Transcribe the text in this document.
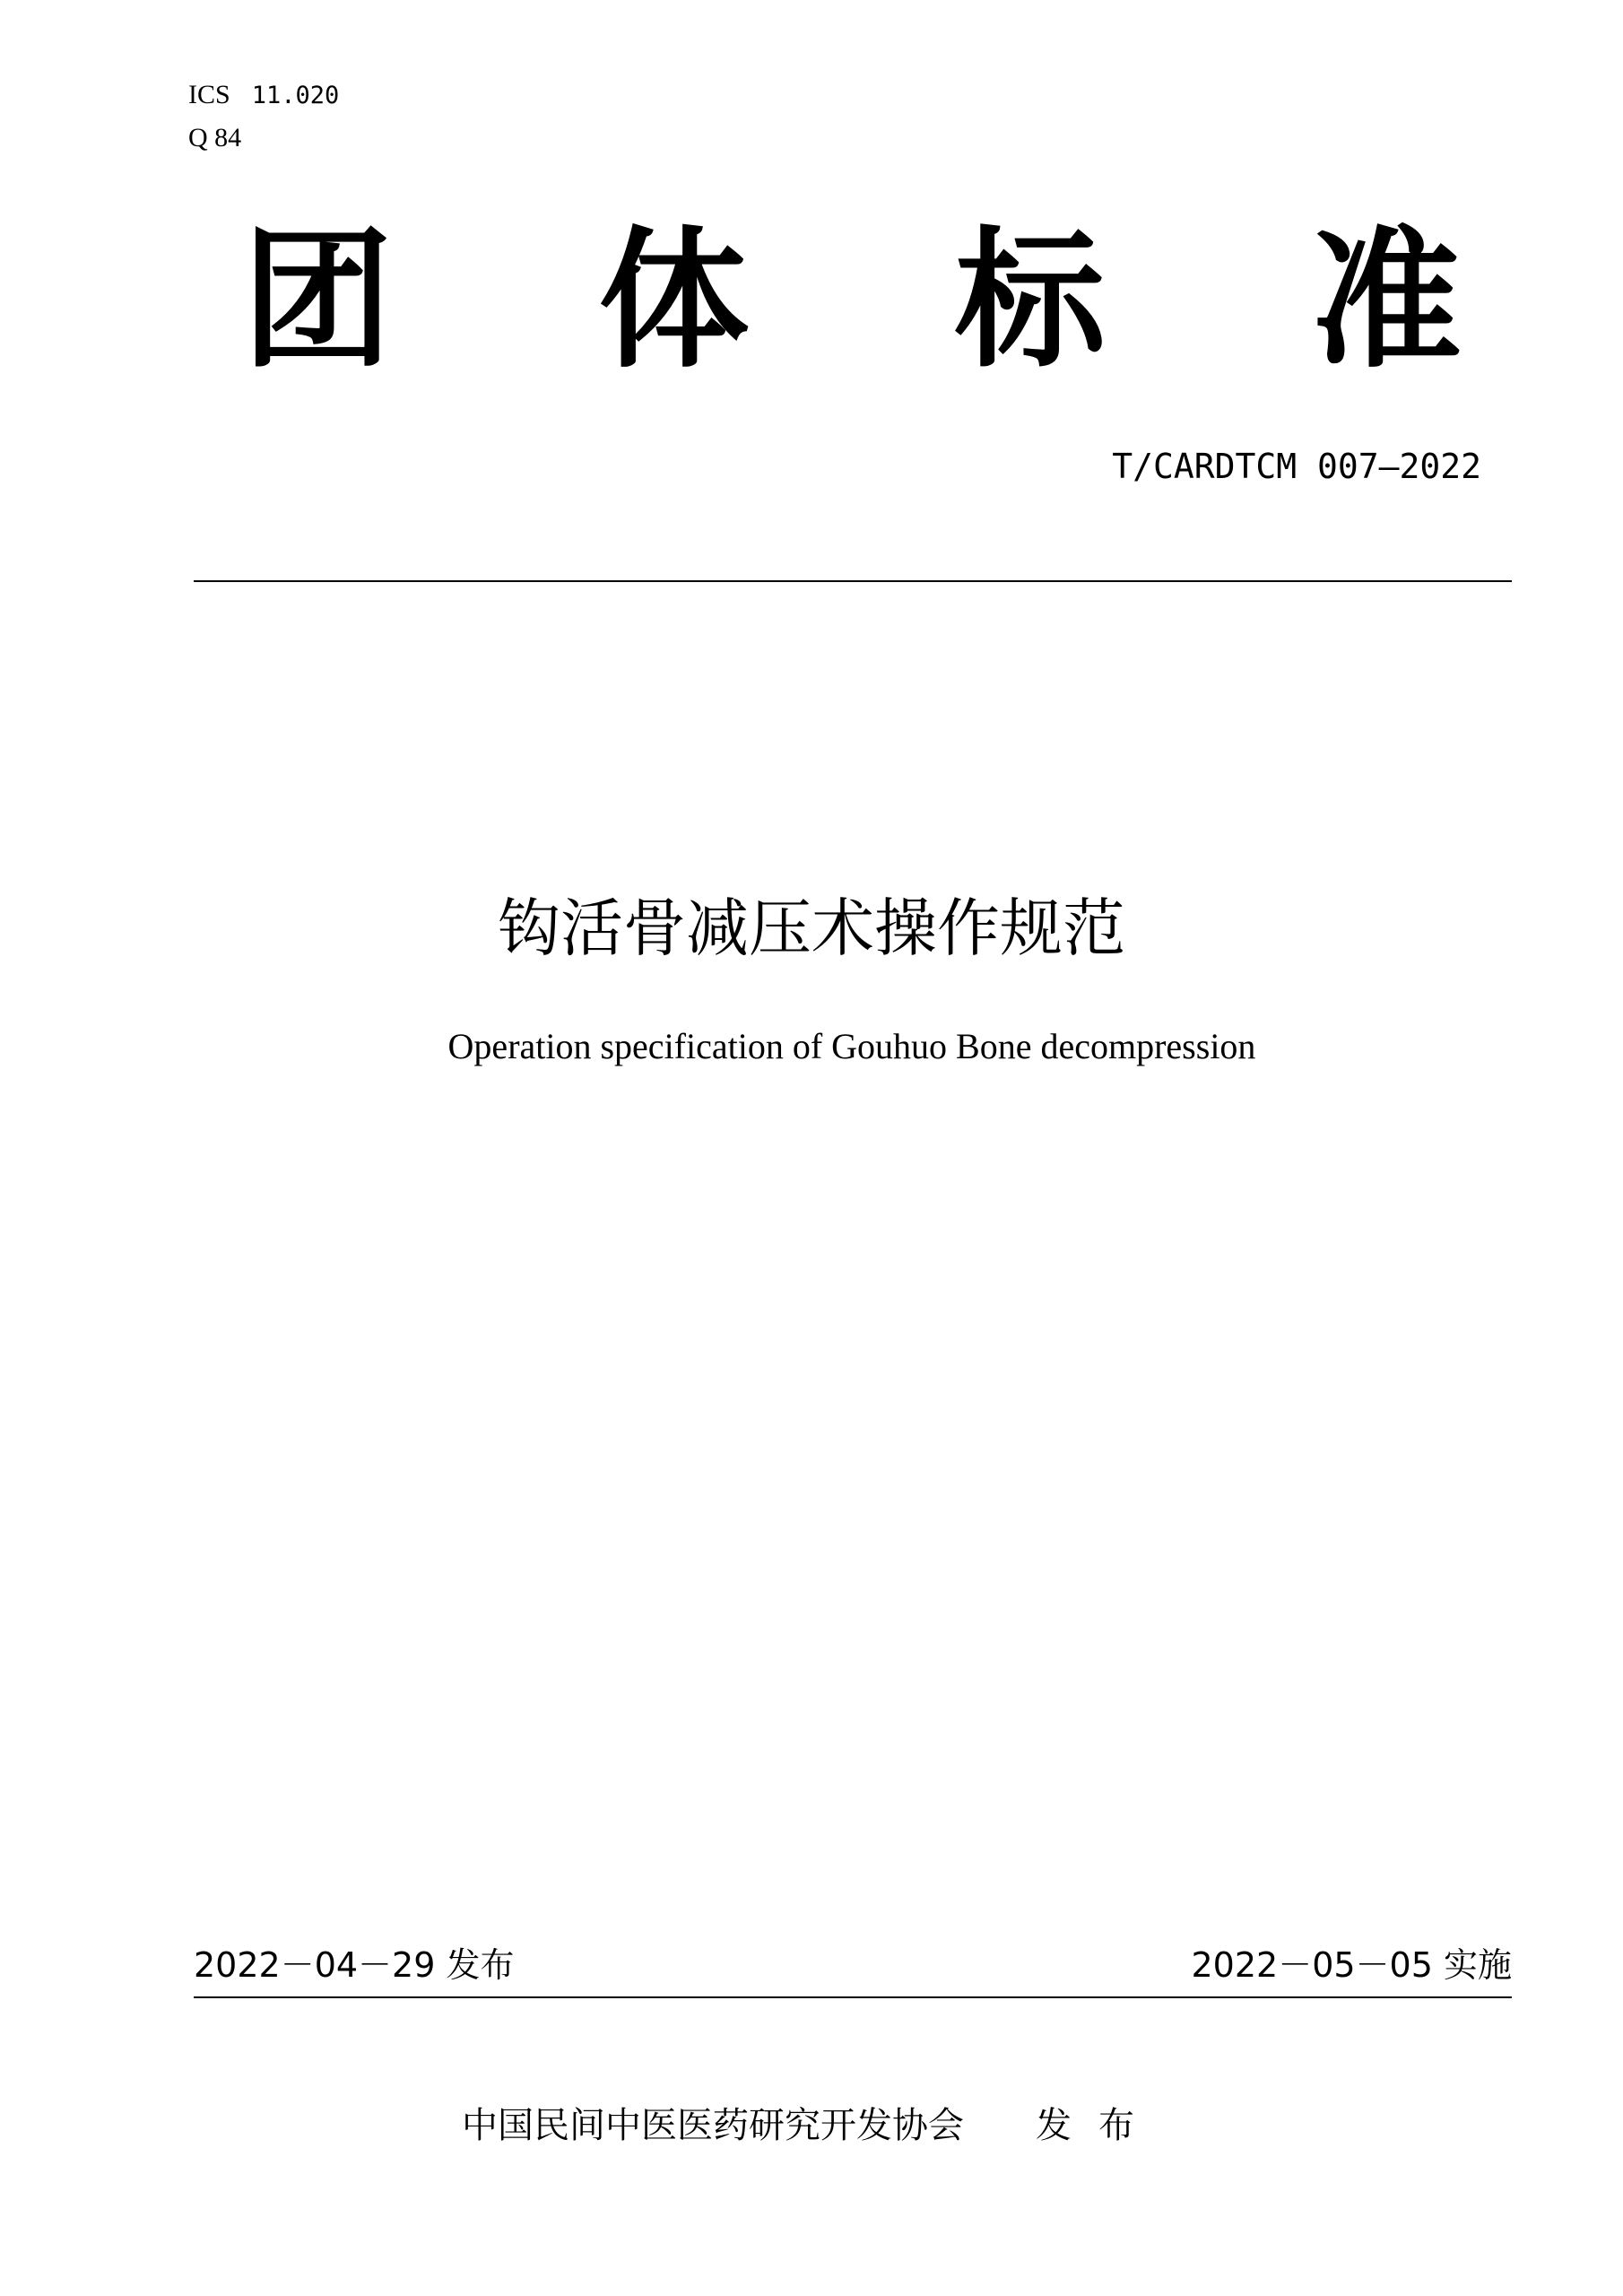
ICS 11.020
Q 84
团 体 标 准
T/CARDTCM 007—2022
钩活骨减压术操作规范
Operation specification of Gouhuo Bone decompression
2022－04－29 发布	2022－05－05 实施
中国民间中医医药研究开发协会 发布
